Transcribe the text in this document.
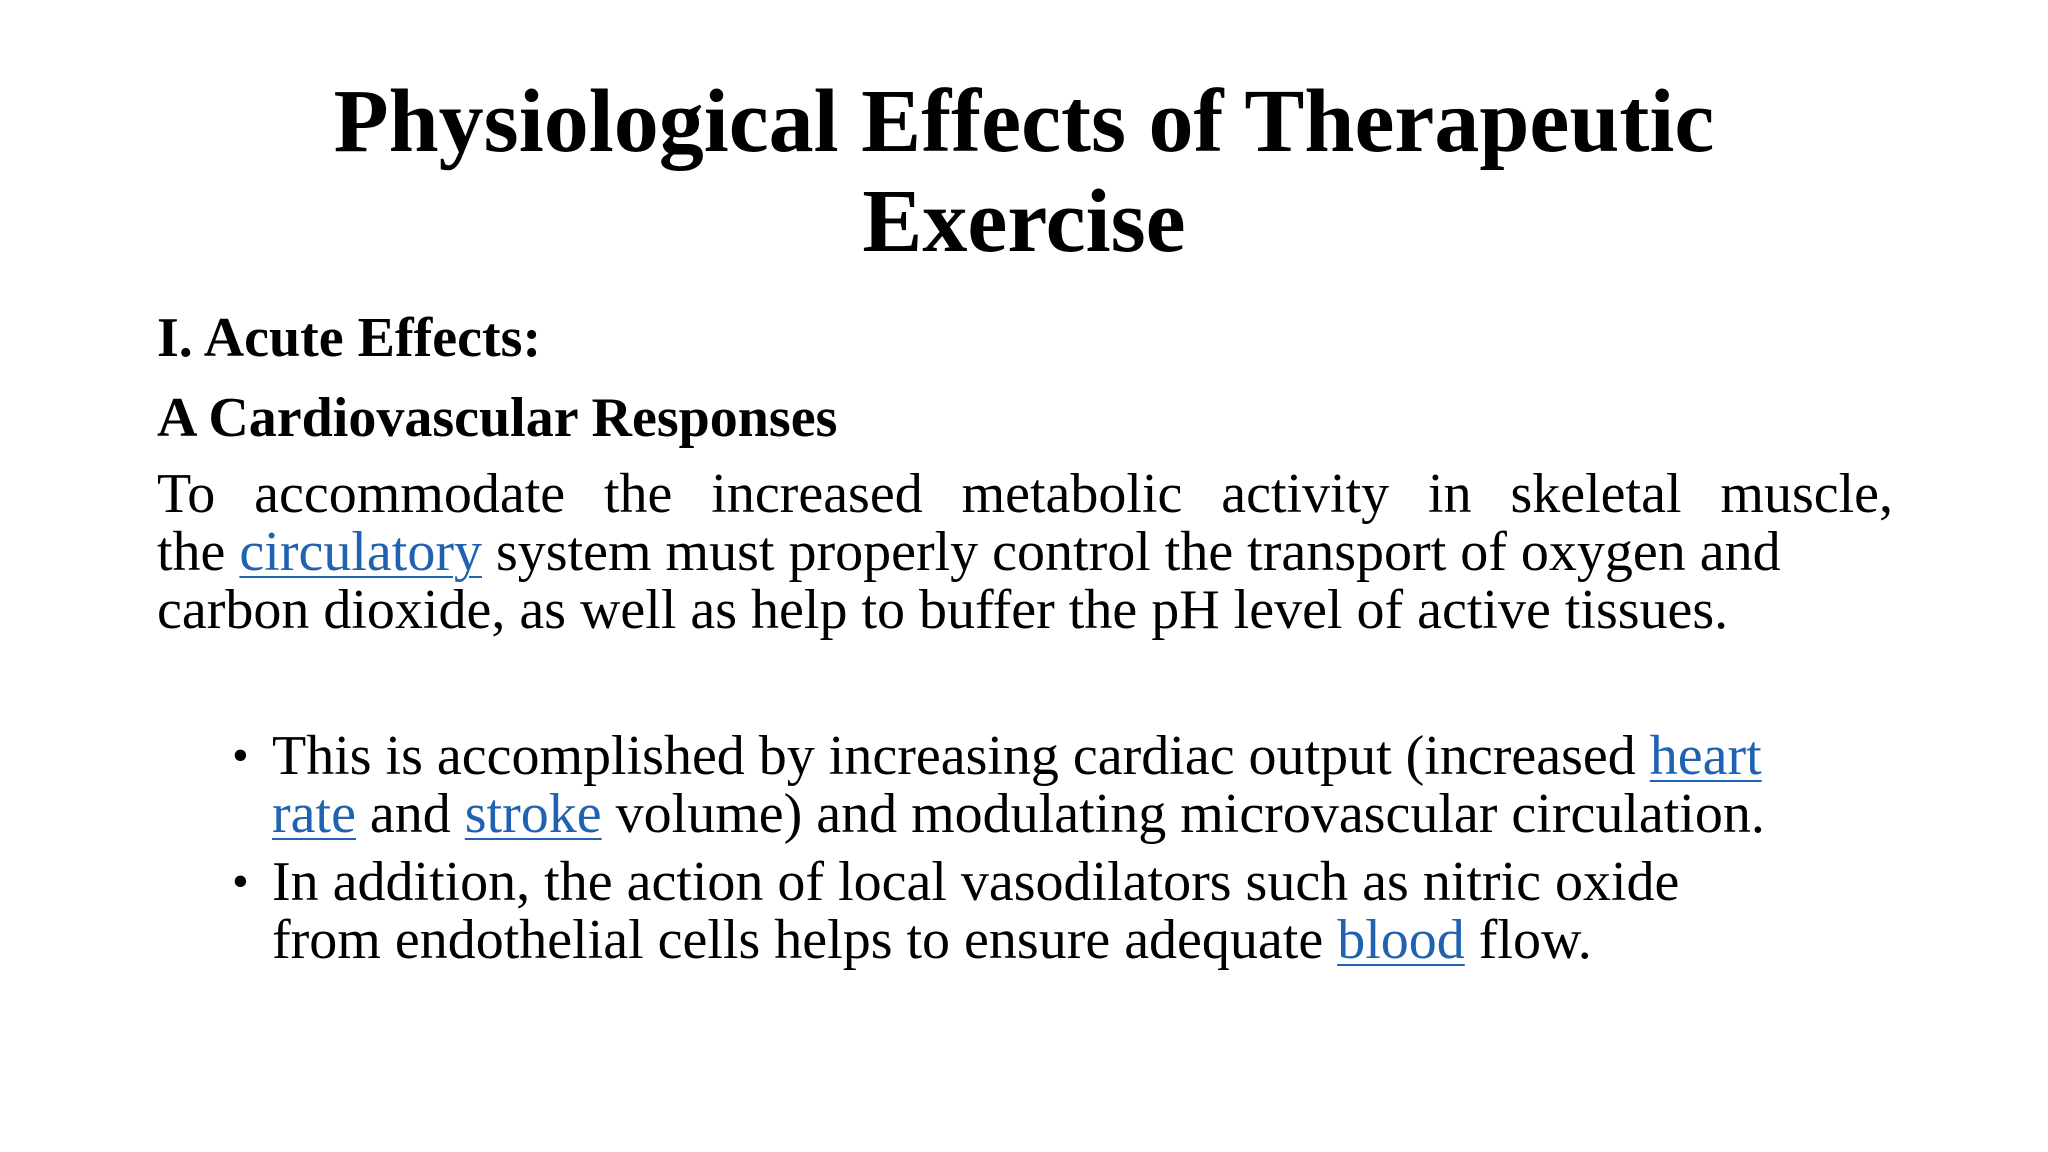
Physiological Effects of Therapeutic Exercise
I. Acute Effects:
A Cardiovascular Responses
To accommodate the increased metabolic activity in skeletal muscle,
the circulatory system must properly control the transport of oxygen and
carbon dioxide, as well as help to buffer the pH level of active tissues.
• This is accomplished by increasing cardiac output (increased heart
rate and stroke volume) and modulating microvascular circulation.
• In addition, the action of local vasodilators such as nitric oxide
from endothelial cells helps to ensure adequate blood flow.
